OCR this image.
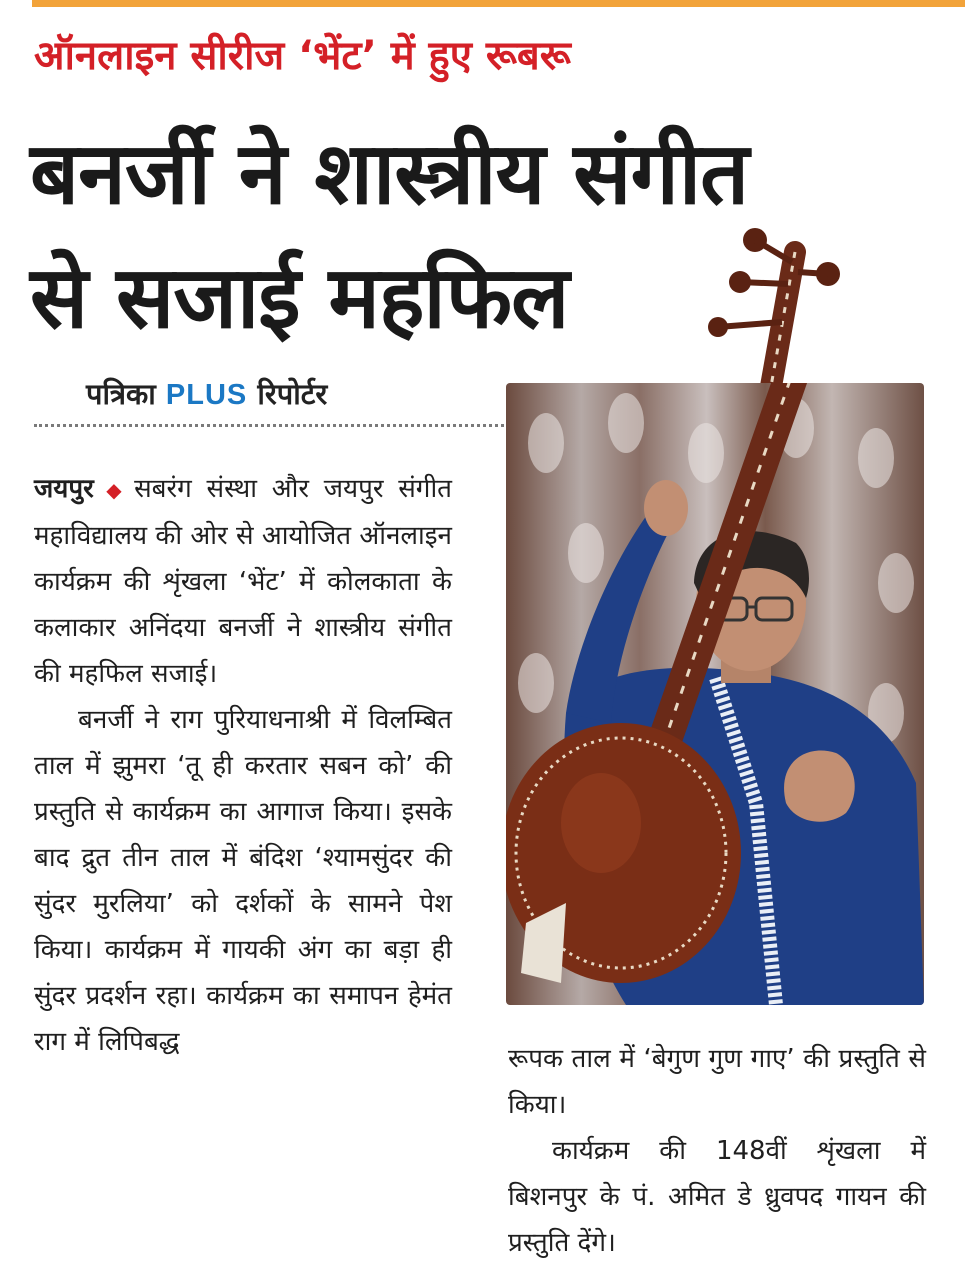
ऑनलाइन सीरीज ‘भेंट’ में हुए रूबरू
बनर्जी ने शास्त्रीय संगीत
से सजाई महफिल
पत्रिका PLUS रिपोर्टर

जयपुर ◆ सबरंग संस्था और जयपुर संगीत महाविद्यालय की ओर से आयोजित ऑनलाइन कार्यक्रम की शृंखला ‘भेंट’ में कोलकाता के कलाकार अनिंदया बनर्जी ने शास्त्रीय संगीत की महफिल सजाई।

बनर्जी ने राग पुरियाधनाश्री में विलम्बित ताल में झुमरा ‘तू ही करतार सबन को’ की प्रस्तुति से कार्यक्रम का आगाज किया। इसके बाद द्रुत तीन ताल में बंदिश ‘श्यामसुंदर की सुंदर मुरलिया’ को दर्शकों के सामने पेश किया। कार्यक्रम में गायकी अंग का बड़ा ही सुंदर प्रदर्शन रहा। कार्यक्रम का समापन हेमंत राग में लिपिबद्ध

रूपक ताल में ‘बेगुण गुण गाए’ की प्रस्तुति से किया।

कार्यक्रम की 148वीं शृंखला में बिशनपुर के पं. अमित डे ध्रुवपद गायन की प्रस्तुति देंगे।
